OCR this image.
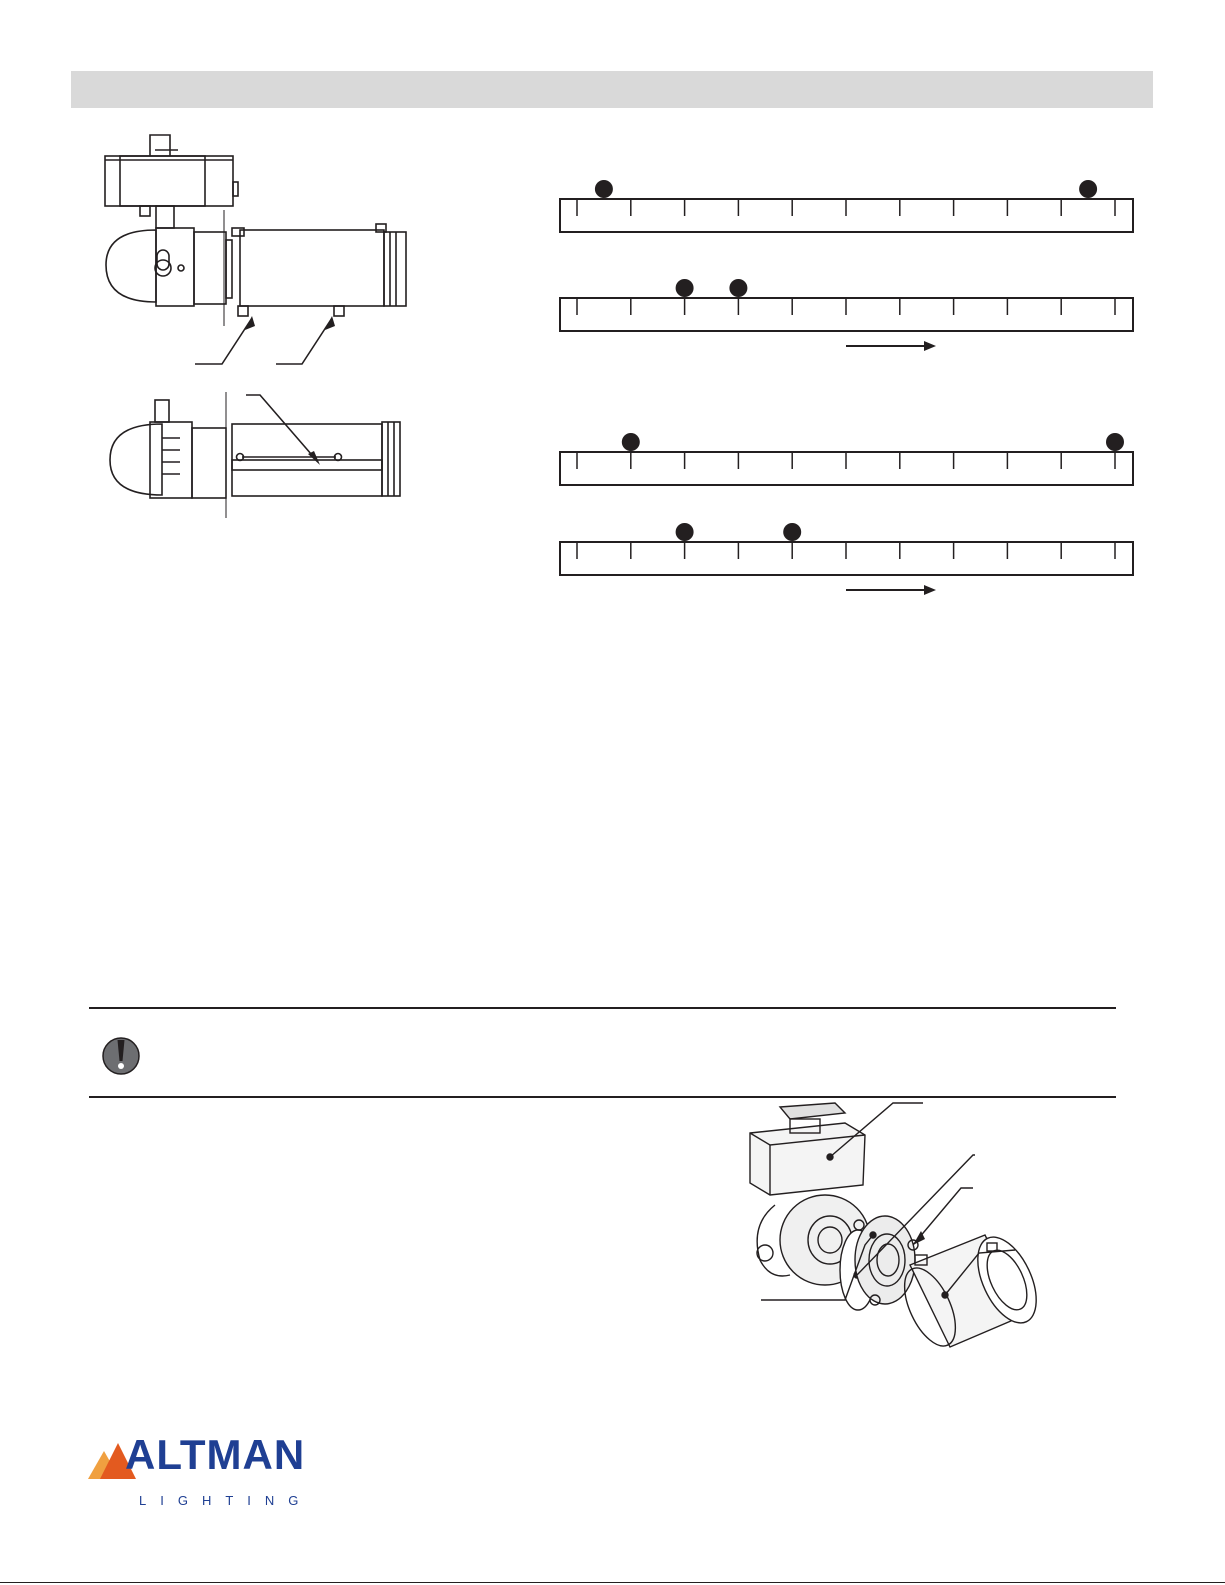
ALTMAN
LIGHTING
